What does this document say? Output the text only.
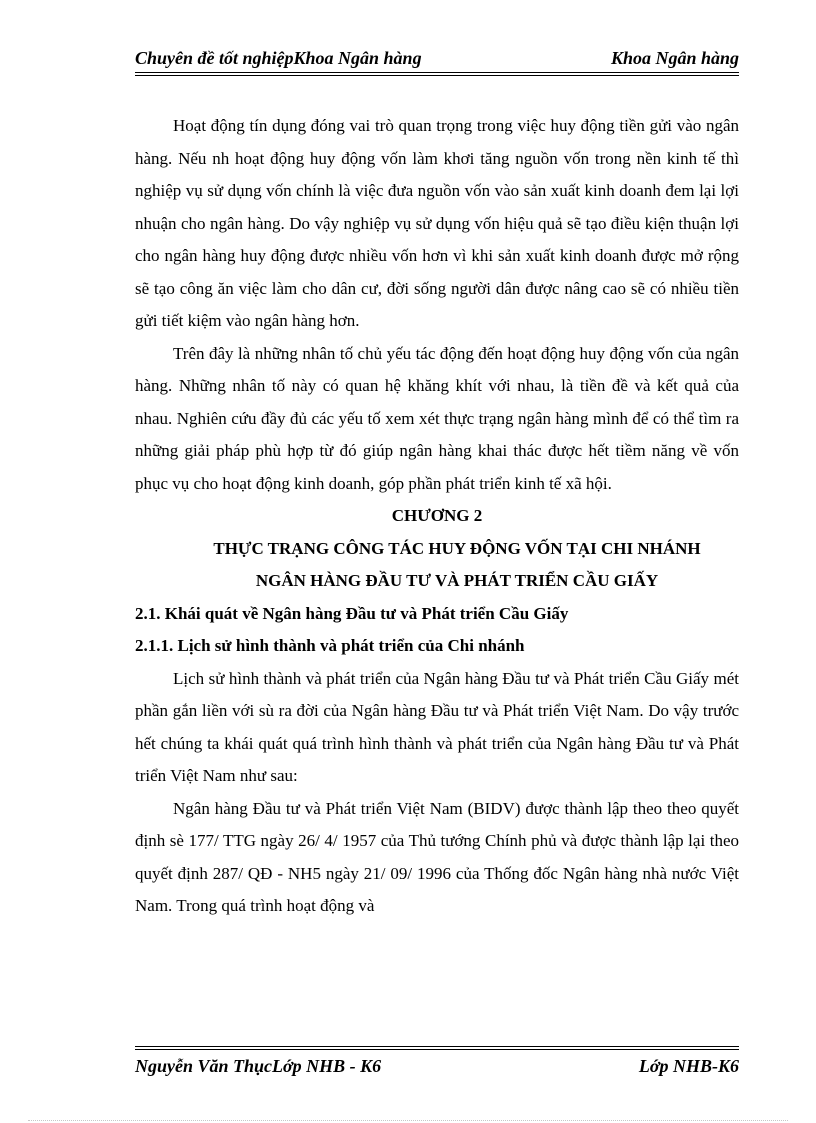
Chuyên đề tốt nghiệpKhoa Ngân hàng	Khoa Ngân hàng

Hoạt động tín dụng đóng vai trò quan trọng trong việc huy động tiền gửi vào ngân hàng. Nếu nh hoạt động huy động vốn làm khơi tăng nguồn vốn trong nền kinh tế thì nghiệp vụ sử dụng vốn chính là việc đưa nguồn vốn vào sản xuất kinh doanh đem lại lợi nhuận cho ngân hàng. Do vậy nghiệp vụ sử dụng vốn hiệu quả sẽ tạo điều kiện thuận lợi cho ngân hàng huy động được nhiều vốn hơn vì khi sản xuất kinh doanh được mở rộng sẽ tạo công ăn việc làm cho dân cư, đời sống người dân được nâng cao sẽ có nhiều tiền gửi tiết kiệm vào ngân hàng hơn.

Trên đây là những nhân tố chủ yếu tác động đến hoạt động huy động vốn của ngân hàng. Những nhân tố này có quan hệ khăng khít với nhau, là tiền đề và kết quả của nhau. Nghiên cứu đầy đủ các yếu tố xem xét thực trạng ngân hàng mình để có thể tìm ra những giải pháp phù hợp từ đó giúp ngân hàng khai thác được hết tiềm năng về vốn phục vụ cho hoạt động kinh doanh, góp phần phát triển kinh tế xã hội.

CHƯƠNG 2

THỰC TRẠNG CÔNG TÁC HUY ĐỘNG VỐN TẠI CHI NHÁNH

NGÂN HÀNG ĐẦU TƯ VÀ PHÁT TRIỂN CẦU GIẤY

2.1. Khái quát về Ngân hàng Đầu tư và Phát triển Cầu Giấy

2.1.1. Lịch sử hình thành và phát triển của Chi nhánh

Lịch sử hình thành và phát triển của Ngân hàng Đầu tư và Phát triển Cầu Giấy mét phần gắn liền với sù ra đời của Ngân hàng Đầu tư và Phát triển Việt Nam. Do vậy trước hết chúng ta khái quát quá trình hình thành và phát triển của Ngân hàng Đầu tư và Phát triển Việt Nam như sau:

Ngân hàng Đầu tư và Phát triển Việt Nam (BIDV) được thành lập theo theo quyết định sè 177/ TTG ngày 26/ 4/ 1957 của Thủ tướng Chính phủ và được thành lập lại theo quyết định 287/ QĐ - NH5 ngày 21/ 09/ 1996 của Thống đốc Ngân hàng nhà nước Việt Nam. Trong quá trình hoạt động và

Nguyễn Văn ThụcLớp NHB - K6	Lớp NHB-K6
